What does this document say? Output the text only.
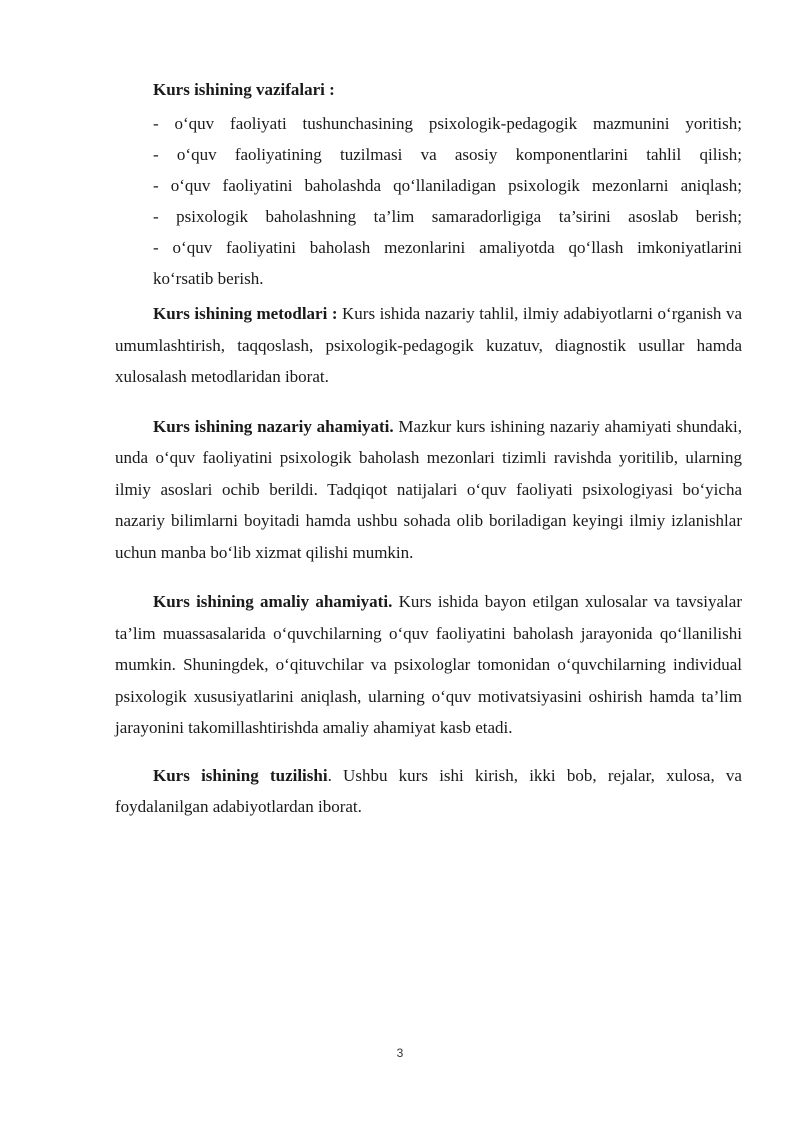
Kurs ishining vazifalari :
- o‘quv faoliyati tushunchasining psixologik-pedagogik mazmunini yoritish;
- o‘quv faoliyatining tuzilmasi va asosiy komponentlarini tahlil qilish;
- o‘quv faoliyatini baholashda qo‘llaniladigan psixologik mezonlarni aniqlash;
- psixologik baholashning ta’lim samaradorligiga ta’sirini asoslab berish;
- o‘quv faoliyatini baholash mezonlarini amaliyotda qo‘llash imkoniyatlarini
ko‘rsatib berish.

Kurs ishining metodlari : Kurs ishida nazariy tahlil, ilmiy adabiyotlarni o‘rganish va umumlashtirish, taqqoslash, psixologik-pedagogik kuzatuv, diagnostik usullar hamda xulosalash metodlaridan iborat.

Kurs ishining nazariy ahamiyati. Mazkur kurs ishining nazariy ahamiyati shundaki, unda o‘quv faoliyatini psixologik baholash mezonlari tizimli ravishda yoritilib, ularning ilmiy asoslari ochib berildi. Tadqiqot natijalari o‘quv faoliyati psixologiyasi bo‘yicha nazariy bilimlarni boyitadi hamda ushbu sohada olib boriladigan keyingi ilmiy izlanishlar uchun manba bo‘lib xizmat qilishi mumkin.

Kurs ishining amaliy ahamiyati. Kurs ishida bayon etilgan xulosalar va tavsiyalar ta’lim muassasalarida o‘quvchilarning o‘quv faoliyatini baholash jarayonida qo‘llanilishi mumkin. Shuningdek, o‘qituvchilar va psixologlar tomonidan o‘quvchilarning individual psixologik xususiyatlarini aniqlash, ularning o‘quv motivatsiyasini oshirish hamda ta’lim jarayonini takomillashtirishda amaliy ahamiyat kasb etadi.

Kurs ishining tuzilishi. Ushbu kurs ishi kirish, ikki bob, rejalar, xulosa, va foydalanilgan adabiyotlardan iborat.

3
